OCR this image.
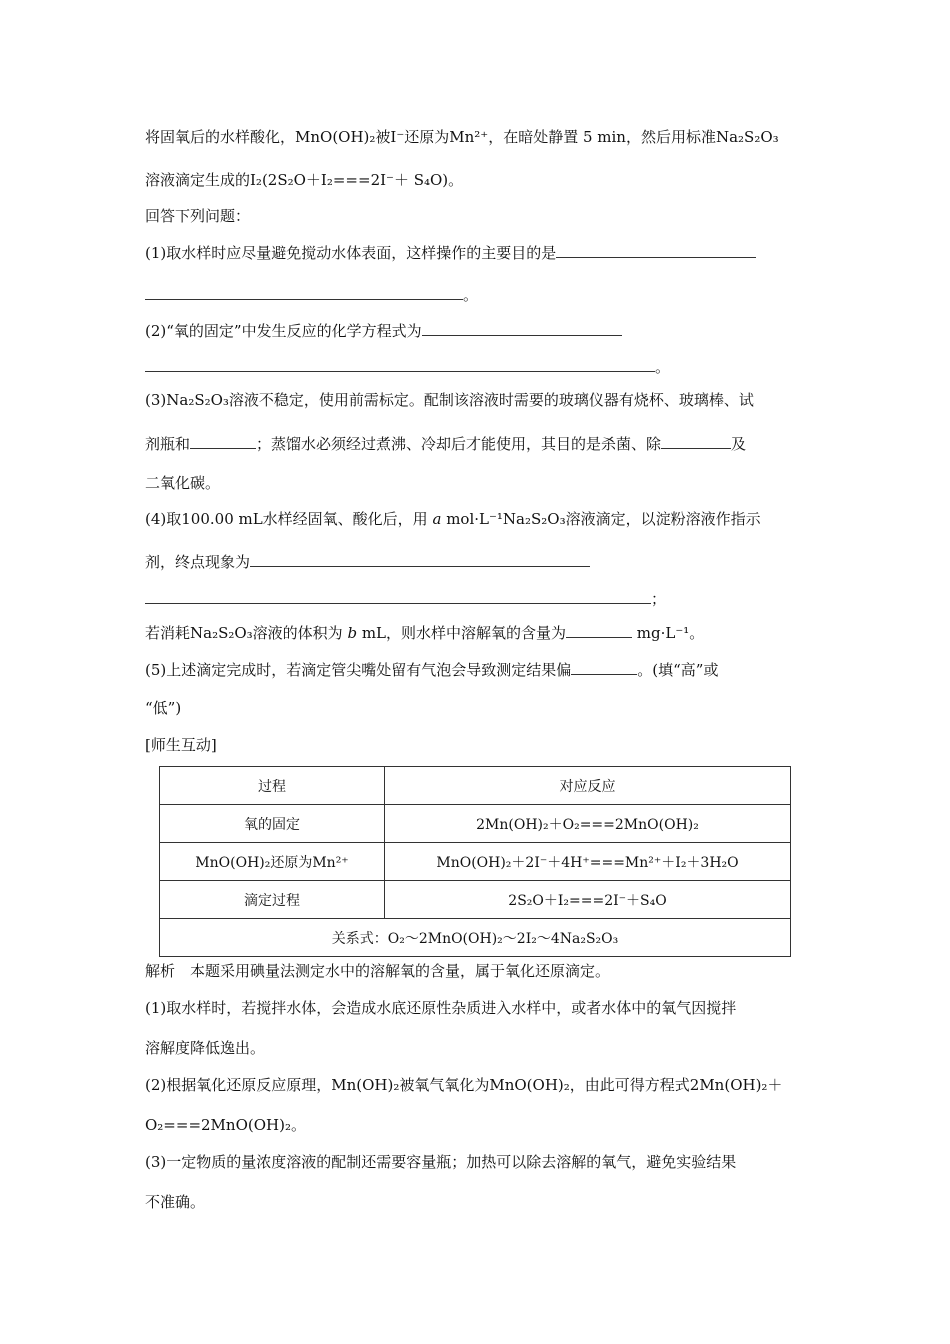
将固氧后的水样酸化，MnO(OH)₂被I⁻还原为Mn²⁺，在暗处静置 5 min，然后用标准Na₂S₂O₃
溶液滴定生成的I₂(2S₂O＋I₂===2I⁻＋ S₄O)。
回答下列问题：
(1)取水样时应尽量避免搅动水体表面，这样操作的主要目的是
。
(2)“氧的固定”中发生反应的化学方程式为
。
(3)Na₂S₂O₃溶液不稳定，使用前需标定。配制该溶液时需要的玻璃仪器有烧杯、玻璃棒、试
剂瓶和	；蒸馏水必须经过煮沸、冷却后才能使用，其目的是杀菌、除	及
二氧化碳。
(4)取100.00 mL水样经固氧、酸化后，用 a mol·L⁻¹Na₂S₂O₃溶液滴定，以淀粉溶液作指示
剂，终点现象为
；
若消耗Na₂S₂O₃溶液的体积为 b mL，则水样中溶解氧的含量为	mg·L⁻¹。
(5)上述滴定完成时，若滴定管尖嘴处留有气泡会导致测定结果偏	。(填“高”或
“低”)
[师生互动]
过程	对应反应
氧的固定	2Mn(OH)₂＋O₂===2MnO(OH)₂
MnO(OH)₂还原为Mn²⁺	MnO(OH)₂＋2I⁻＋4H⁺===Mn²⁺＋I₂＋3H₂O
滴定过程	2S₂O＋I₂===2I⁻＋S₄O
关系式：O₂～2MnO(OH)₂～2I₂～4Na₂S₂O₃	
解析　本题采用碘量法测定水中的溶解氧的含量，属于氧化还原滴定。
(1)取水样时，若搅拌水体，会造成水底还原性杂质进入水样中，或者水体中的氧气因搅拌
溶解度降低逸出。
(2)根据氧化还原反应原理，Mn(OH)₂被氧气氧化为MnO(OH)₂，由此可得方程式2Mn(OH)₂＋
O₂===2MnO(OH)₂。
(3)一定物质的量浓度溶液的配制还需要容量瓶；加热可以除去溶解的氧气，避免实验结果
不准确。
